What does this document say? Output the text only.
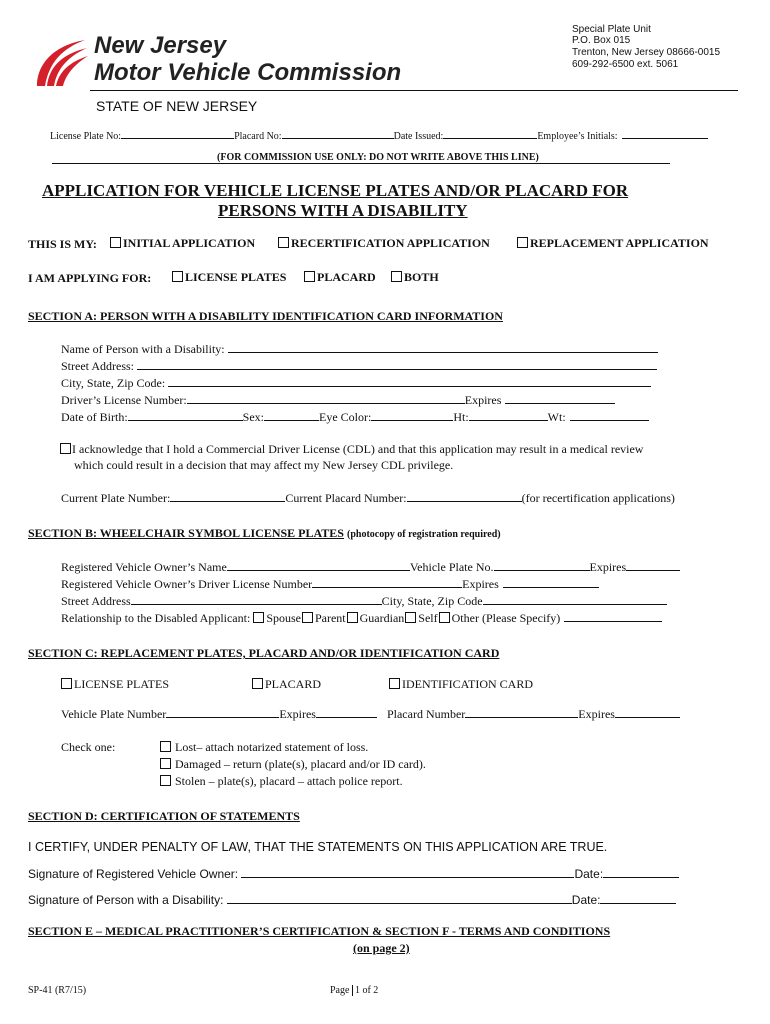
New Jersey
Motor Vehicle Commission
Special Plate Unit
P.O. Box 015
Trenton, New Jersey 08666-0015
609-292-6500 ext. 5061
STATE OF NEW JERSEY
License Plate No:	Placard No:	Date Issued:	Employee’s Initials:
(FOR COMMISSION USE ONLY: DO NOT WRITE ABOVE THIS LINE)
APPLICATION FOR VEHICLE LICENSE PLATES AND/OR PLACARD FOR
PERSONS WITH A DISABILITY
THIS IS MY:	INITIAL APPLICATION	RECERTIFICATION APPLICATION	REPLACEMENT APPLICATION
I AM APPLYING FOR:	LICENSE PLATES	PLACARD	BOTH
SECTION A: PERSON WITH A DISABILITY IDENTIFICATION CARD INFORMATION
Name of Person with a Disability:
Street Address:
City, State, Zip Code:
Driver’s License Number:	Expires
Date of Birth:	Sex:	Eye Color:	Ht:	Wt:
I acknowledge that I hold a Commercial Driver License (CDL) and that this application may result in a medical review
which could result in a decision that may affect my New Jersey CDL privilege.
Current Plate Number:	Current Placard Number:	(for recertification applications)
SECTION B: WHEELCHAIR SYMBOL LICENSE PLATES (photocopy of registration required)
Registered Vehicle Owner’s Name	Vehicle Plate No.	Expires
Registered Vehicle Owner’s Driver License Number	Expires
Street Address	City, State, Zip Code
Relationship to the Disabled Applicant: Spouse Parent Guardian Self Other (Please Specify)
SECTION C: REPLACEMENT PLATES, PLACARD AND/OR IDENTIFICATION CARD
LICENSE PLATES	PLACARD	IDENTIFICATION CARD
Vehicle Plate Number	Expires	Placard Number	Expires
Check one:	Lost– attach notarized statement of loss.
Damaged – return (plate(s), placard and/or ID card).
Stolen – plate(s), placard – attach police report.
SECTION D: CERTIFICATION OF STATEMENTS
I CERTIFY, UNDER PENALTY OF LAW, THAT THE STATEMENTS ON THIS APPLICATION ARE TRUE.
Signature of Registered Vehicle Owner:	Date:
Signature of Person with a Disability:	Date:
SECTION E – MEDICAL PRACTITIONER’S CERTIFICATION & SECTION F - TERMS AND CONDITIONS
(on page 2)
SP-41 (R7/15)	Page 1 of 2
